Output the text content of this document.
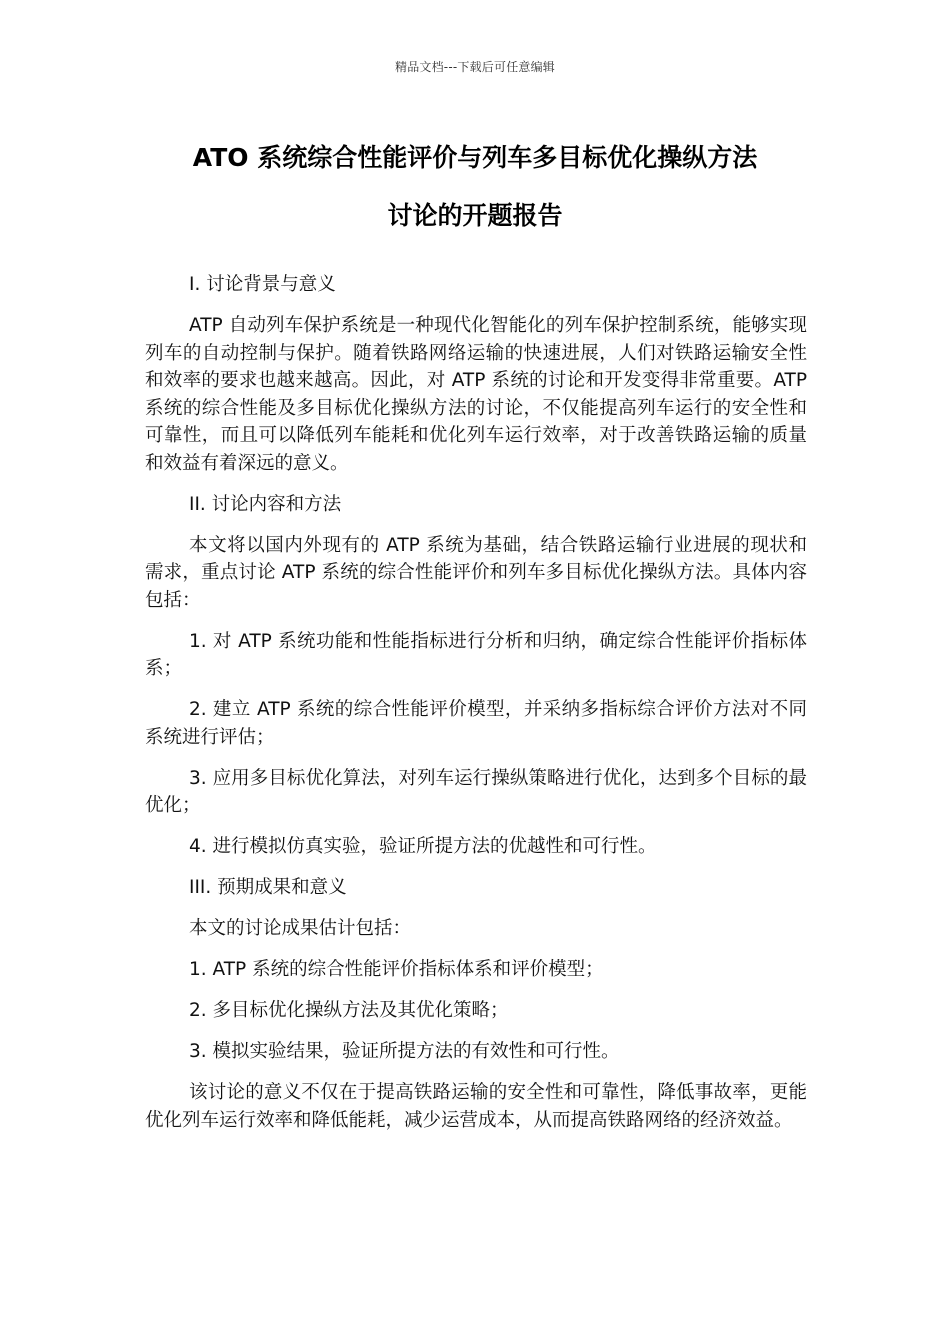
精品文档---下载后可任意编辑
ATO 系统综合性能评价与列车多目标优化操纵方法
讨论的开题报告

I. 讨论背景与意义

ATP 自动列车保护系统是一种现代化智能化的列车保护控制系统，能够实现列车的自动控制与保护。随着铁路网络运输的快速进展，人们对铁路运输安全性和效率的要求也越来越高。因此，对 ATP 系统的讨论和开发变得非常重要。ATP 系统的综合性能及多目标优化操纵方法的讨论，不仅能提高列车运行的安全性和可靠性，而且可以降低列车能耗和优化列车运行效率，对于改善铁路运输的质量和效益有着深远的意义。

II. 讨论内容和方法

本文将以国内外现有的 ATP 系统为基础，结合铁路运输行业进展的现状和需求，重点讨论 ATP 系统的综合性能评价和列车多目标优化操纵方法。具体内容包括：

1. 对 ATP 系统功能和性能指标进行分析和归纳，确定综合性能评价指标体系；

2. 建立 ATP 系统的综合性能评价模型，并采纳多指标综合评价方法对不同系统进行评估；

3. 应用多目标优化算法，对列车运行操纵策略进行优化，达到多个目标的最优化；

4. 进行模拟仿真实验，验证所提方法的优越性和可行性。

III. 预期成果和意义

本文的讨论成果估计包括：

1. ATP 系统的综合性能评价指标体系和评价模型；

2. 多目标优化操纵方法及其优化策略；

3. 模拟实验结果，验证所提方法的有效性和可行性。

该讨论的意义不仅在于提高铁路运输的安全性和可靠性，降低事故率，更能优化列车运行效率和降低能耗，减少运营成本，从而提高铁路网络的经济效益。
